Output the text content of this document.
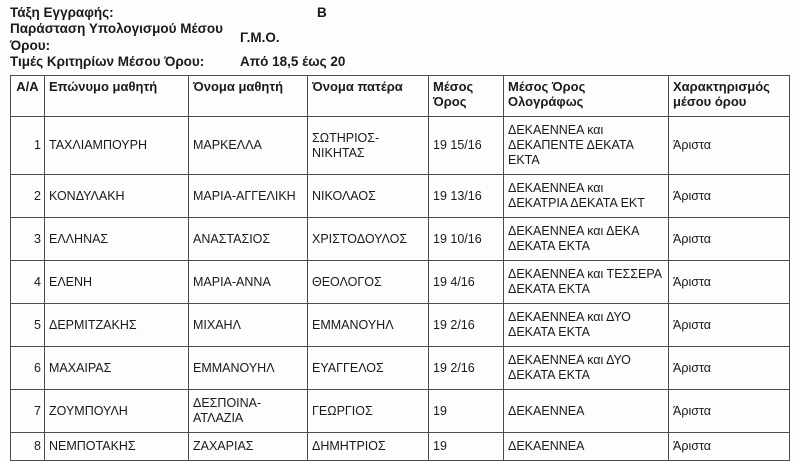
Τάξη Εγγραφής:	Β
Παράσταση Υπολογισμού Μέσου Όρου:
Γ.Μ.Ο.
Τιμές Κριτηρίων Μέσου Όρου:	Από 18,5 έως 20
Α/Α	Επώνυμο μαθητή	Όνομα μαθητή	Όνομα πατέρα	Μέσος Όρος	Μέσος Όρος Ολογράφως	Χαρακτηρισμός μέσου όρου
1	ΤΑΧΛΙΑΜΠΟΥΡΗ	ΜΑΡΚΕΛΛΑ	ΣΩΤΗΡΙΟΣ-ΝΙΚΗΤΑΣ	19 15/16	ΔΕΚΑΕΝΝΕΑ και ΔΕΚΑΠΕΝΤΕ ΔΕΚΑΤΑ ΕΚΤΑ	Άριστα
2	ΚΟΝΔΥΛΑΚΗ	ΜΑΡΙΑ-ΑΓΓΕΛΙΚΗ	ΝΙΚΟΛΑΟΣ	19 13/16	ΔΕΚΑΕΝΝΕΑ και ΔΕΚΑΤΡΙΑ ΔΕΚΑΤΑ ΕΚΤ	Άριστα
3	ΕΛΛΗΝΑΣ	ΑΝΑΣΤΑΣΙΟΣ	ΧΡΙΣΤΟΔΟΥΛΟΣ	19 10/16	ΔΕΚΑΕΝΝΕΑ και ΔΕΚΑ ΔΕΚΑΤΑ ΕΚΤΑ	Άριστα
4	ΕΛΕΝΗ	ΜΑΡΙΑ-ΑΝΝΑ	ΘΕΟΛΟΓΟΣ	19 4/16	ΔΕΚΑΕΝΝΕΑ και ΤΕΣΣΕΡΑ ΔΕΚΑΤΑ ΕΚΤΑ	Άριστα
5	ΔΕΡΜΙΤΖΑΚΗΣ	ΜΙΧΑΗΛ	ΕΜΜΑΝΟΥΗΛ	19 2/16	ΔΕΚΑΕΝΝΕΑ και ΔΥΟ ΔΕΚΑΤΑ ΕΚΤΑ	Άριστα
6	ΜΑΧΑΙΡΑΣ	ΕΜΜΑΝΟΥΗΛ	ΕΥΑΓΓΕΛΟΣ	19 2/16	ΔΕΚΑΕΝΝΕΑ και ΔΥΟ ΔΕΚΑΤΑ ΕΚΤΑ	Άριστα
7	ΖΟΥΜΠΟΥΛΗ	ΔΕΣΠΟΙΝΑ-ΑΤΛΑΖΙΑ	ΓΕΩΡΓΙΟΣ	19	ΔΕΚΑΕΝΝΕΑ	Άριστα
8	ΝΕΜΠΟΤΑΚΗΣ	ΖΑΧΑΡΙΑΣ	ΔΗΜΗΤΡΙΟΣ	19	ΔΕΚΑΕΝΝΕΑ	Άριστα
